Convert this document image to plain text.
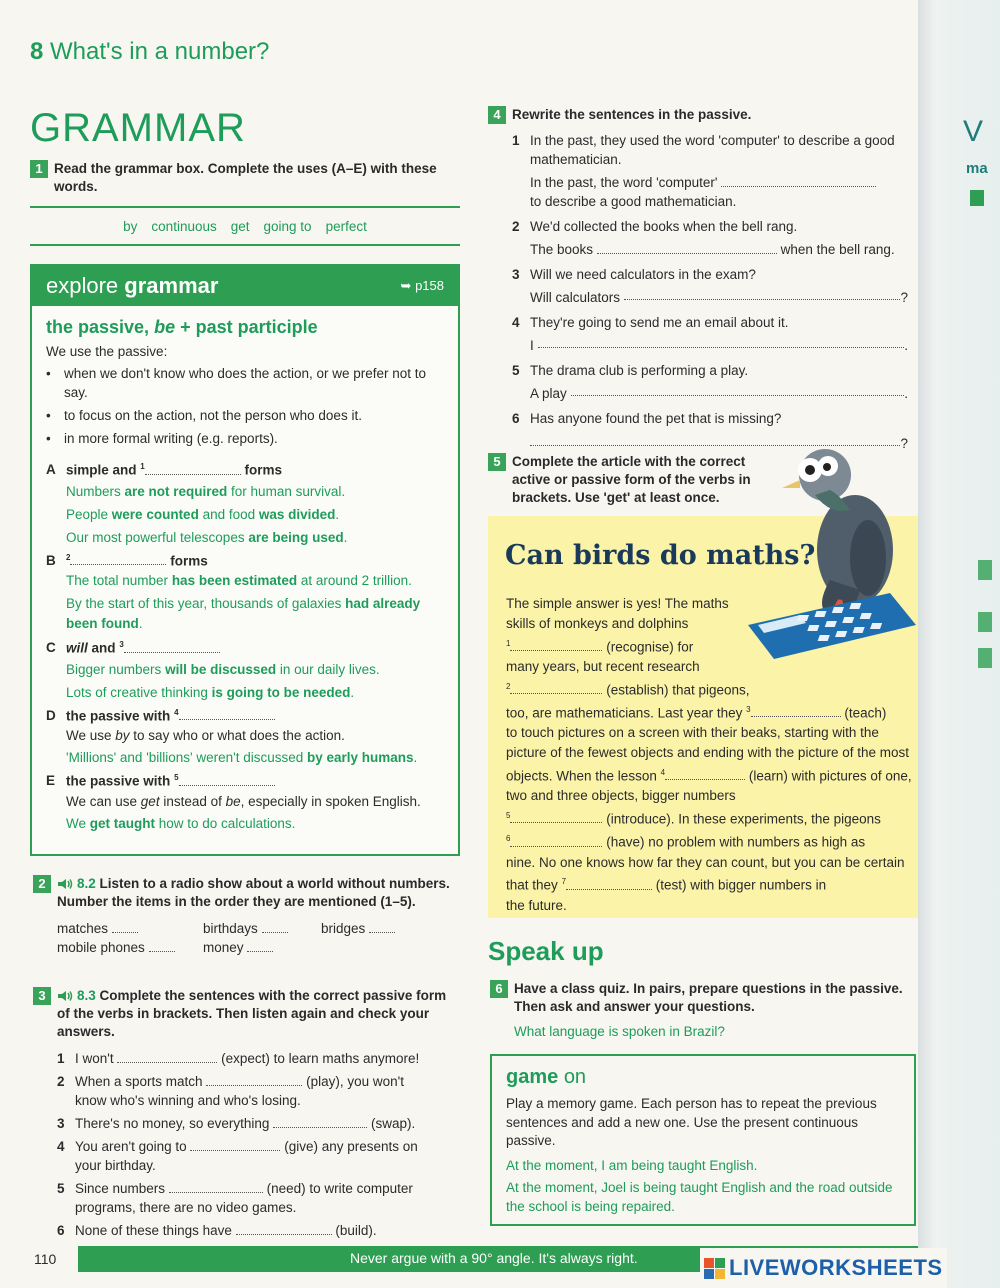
V
ma
8 What's in a number?
GRAMMAR
1 Read the grammar box. Complete the uses (A–E) with these words.
by continuous get going to perfect
explore grammar	➥ p158
the passive, be + past participle
We use the passive:
• when we don't know who does the action, or we prefer not to say.
• to focus on the action, not the person who does it.
• in more formal writing (e.g. reports).
A simple and $^1$	forms
Numbers are not required for human survival.
People were counted and food was divided.
Our most powerful telescopes are being used.
B	$^2$	forms
The total number has been estimated at around 2 trillion.
By the start of this year, thousands of galaxies had already been found.
C will and $^3$
Bigger numbers will be discussed in our daily lives.
Lots of creative thinking is going to be needed.
D the passive with $^4$
We use by to say who or what does the action.
'Millions' and 'billions' weren't discussed by early humans.
E the passive with $^5$
We can use get instead of be, especially in spoken English.
We get taught how to do calculations.
2	8.2 Listen to a radio show about a world without numbers. Number the items in the order they are mentioned (1–5).
matches	birthdays	bridges
mobile phones	money
3	8.3 Complete the sentences with the correct passive form of the verbs in brackets. Then listen again and check your answers.
1 I won't	(expect) to learn maths anymore!
2 When a sports match	(play), you won't
know who's winning and who's losing.
3 There's no money, so everything	(swap).
4 You aren't going to	(give) any presents on
your birthday.
5 Since numbers	(need) to write computer
programs, there are no video games.
6 None of these things have	(build).
4 Rewrite the sentences in the passive.
1 In the past, they used the word 'computer' to describe a good mathematician.
In the past, the word 'computer'
to describe a good mathematician.
2 We'd collected the books when the bell rang.
The books	when the bell rang.
3 Will we need calculators in the exam?
Will calculators
	?
4 They're going to send me an email about it.
I
	.
5 The drama club is performing a play.
A play
	.
6 Has anyone found the pet that is missing?
?
5 Complete the article with the correct active or passive form of the verbs in brackets. Use 'get' at least once.
Can birds do maths?
The simple answer is yes! The maths skills of monkeys and dolphins
$^1$	(recognise) for
many years, but recent research
$^2$	(establish) that pigeons,
too, are mathematicians. Last year they $^3$	(teach)
to touch pictures on a screen with their beaks, starting with the picture of the fewest objects and ending with the picture of the most objects. When the lesson $^4$	(learn) with pictures of one, two and three objects, bigger numbers
$^5$	(introduce). In these experiments, the pigeons
$^6$	(have) no problem with numbers as high as
nine. No one knows how far they can count, but you can be certain that they $^7$	(test) with bigger numbers in
the future.
Speak up
6 Have a class quiz. In pairs, prepare questions in the passive. Then ask and answer your questions.
What language is spoken in Brazil?
game on
Play a memory game. Each person has to repeat the previous sentences and add a new one. Use the present continuous passive.
At the moment, I am being taught English.
At the moment, Joel is being taught English and the road outside the school is being repaired.
110	Never argue with a 90° angle. It's always right.	LIVEWORKSHEETS
